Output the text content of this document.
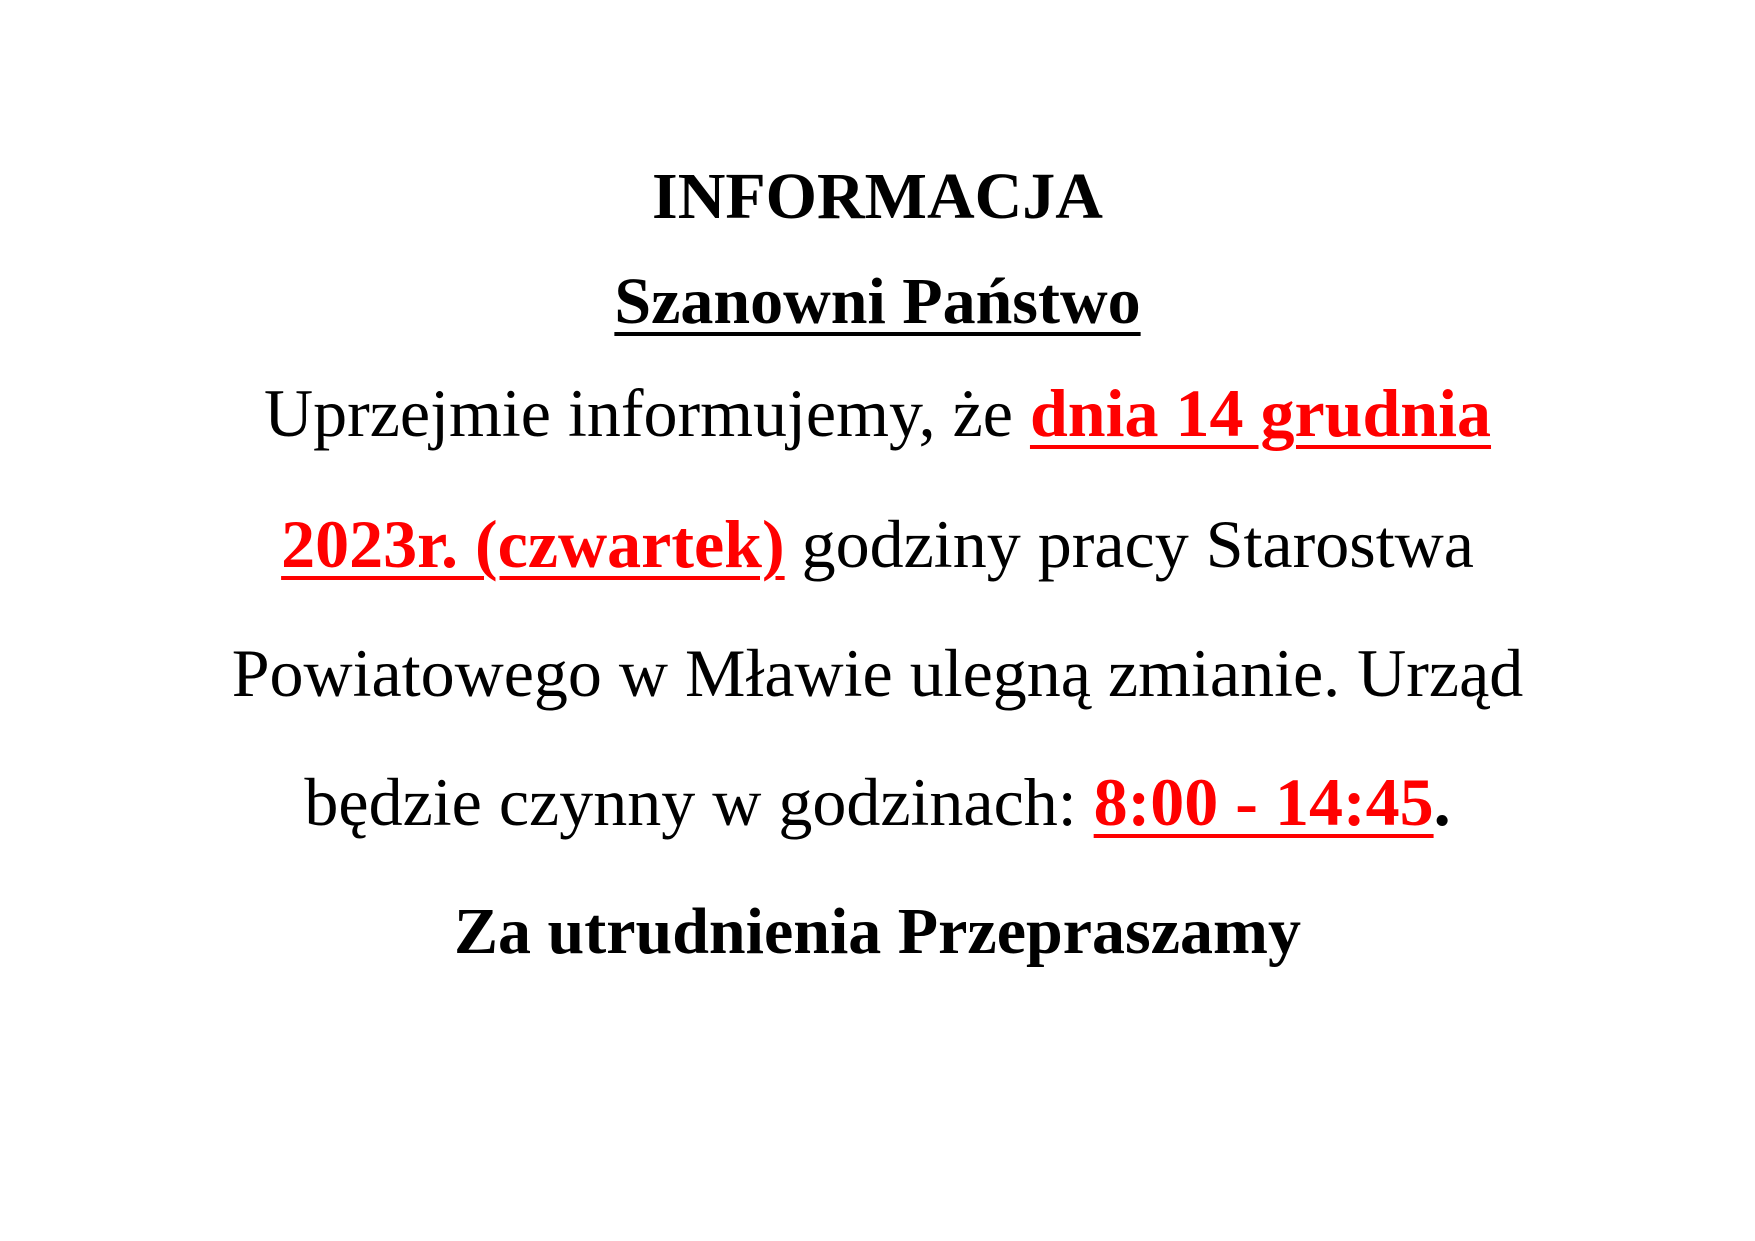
INFORMACJA
Szanowni Państwo
Uprzejmie informujemy, że dnia 14 grudnia
2023r. (czwartek) godziny pracy Starostwa
Powiatowego w Mławie ulegną zmianie. Urząd
będzie czynny w godzinach: 8:00 - 14:45.
Za utrudnienia Przepraszamy
